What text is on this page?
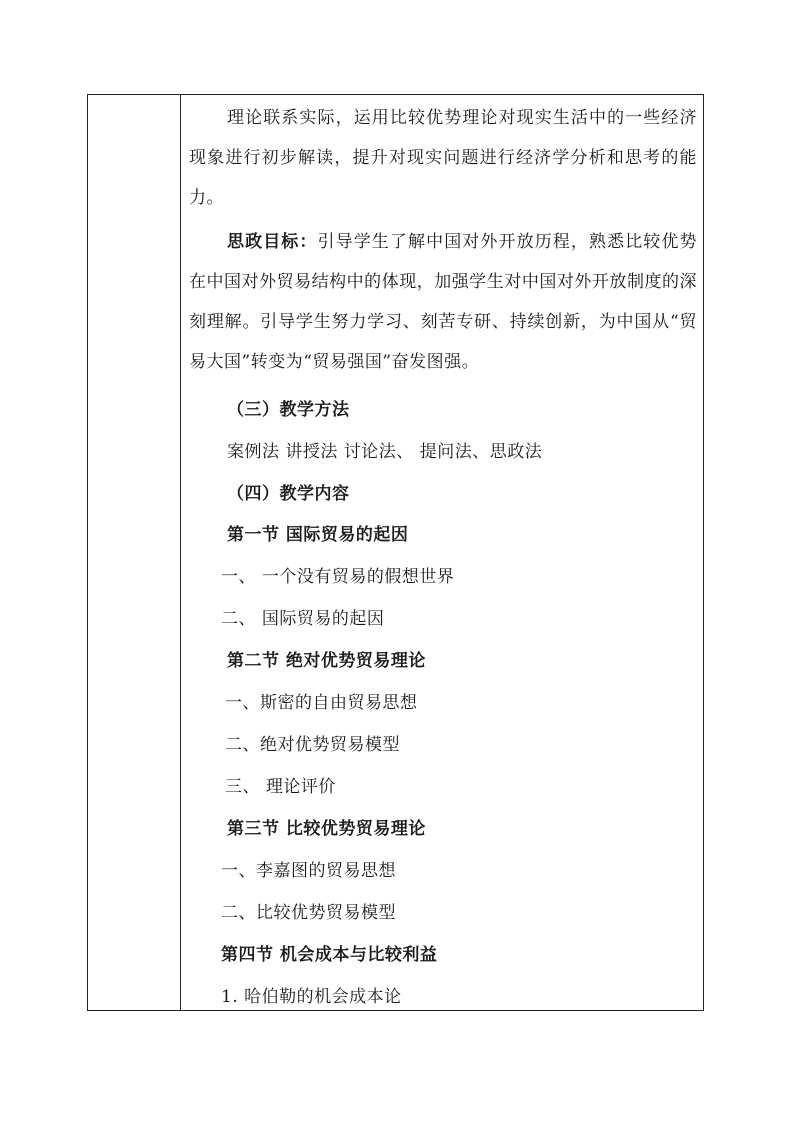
理论联系实际，运用比较优势理论对现实生活中的一些经济现象进行初步解读，提升对现实问题进行经济学分析和思考的能力。

思政目标：引导学生了解中国对外开放历程，熟悉比较优势在中国对外贸易结构中的体现，加强学生对中国对外开放制度的深刻理解。引导学生努力学习、刻苦专研、持续创新，为中国从“贸易大国”转变为“贸易强国”奋发图强。

（三）教学方法
案例法 讲授法 讨论法、 提问法、思政法
（四）教学内容
第一节 国际贸易的起因
一、 一个没有贸易的假想世界
二、 国际贸易的起因
第二节 绝对优势贸易理论
一、斯密的自由贸易思想
二、绝对优势贸易模型
三、 理论评价
第三节 比较优势贸易理论
一、李嘉图的贸易思想
二、比较优势贸易模型
第四节 机会成本与比较利益
1. 哈伯勒的机会成本论
